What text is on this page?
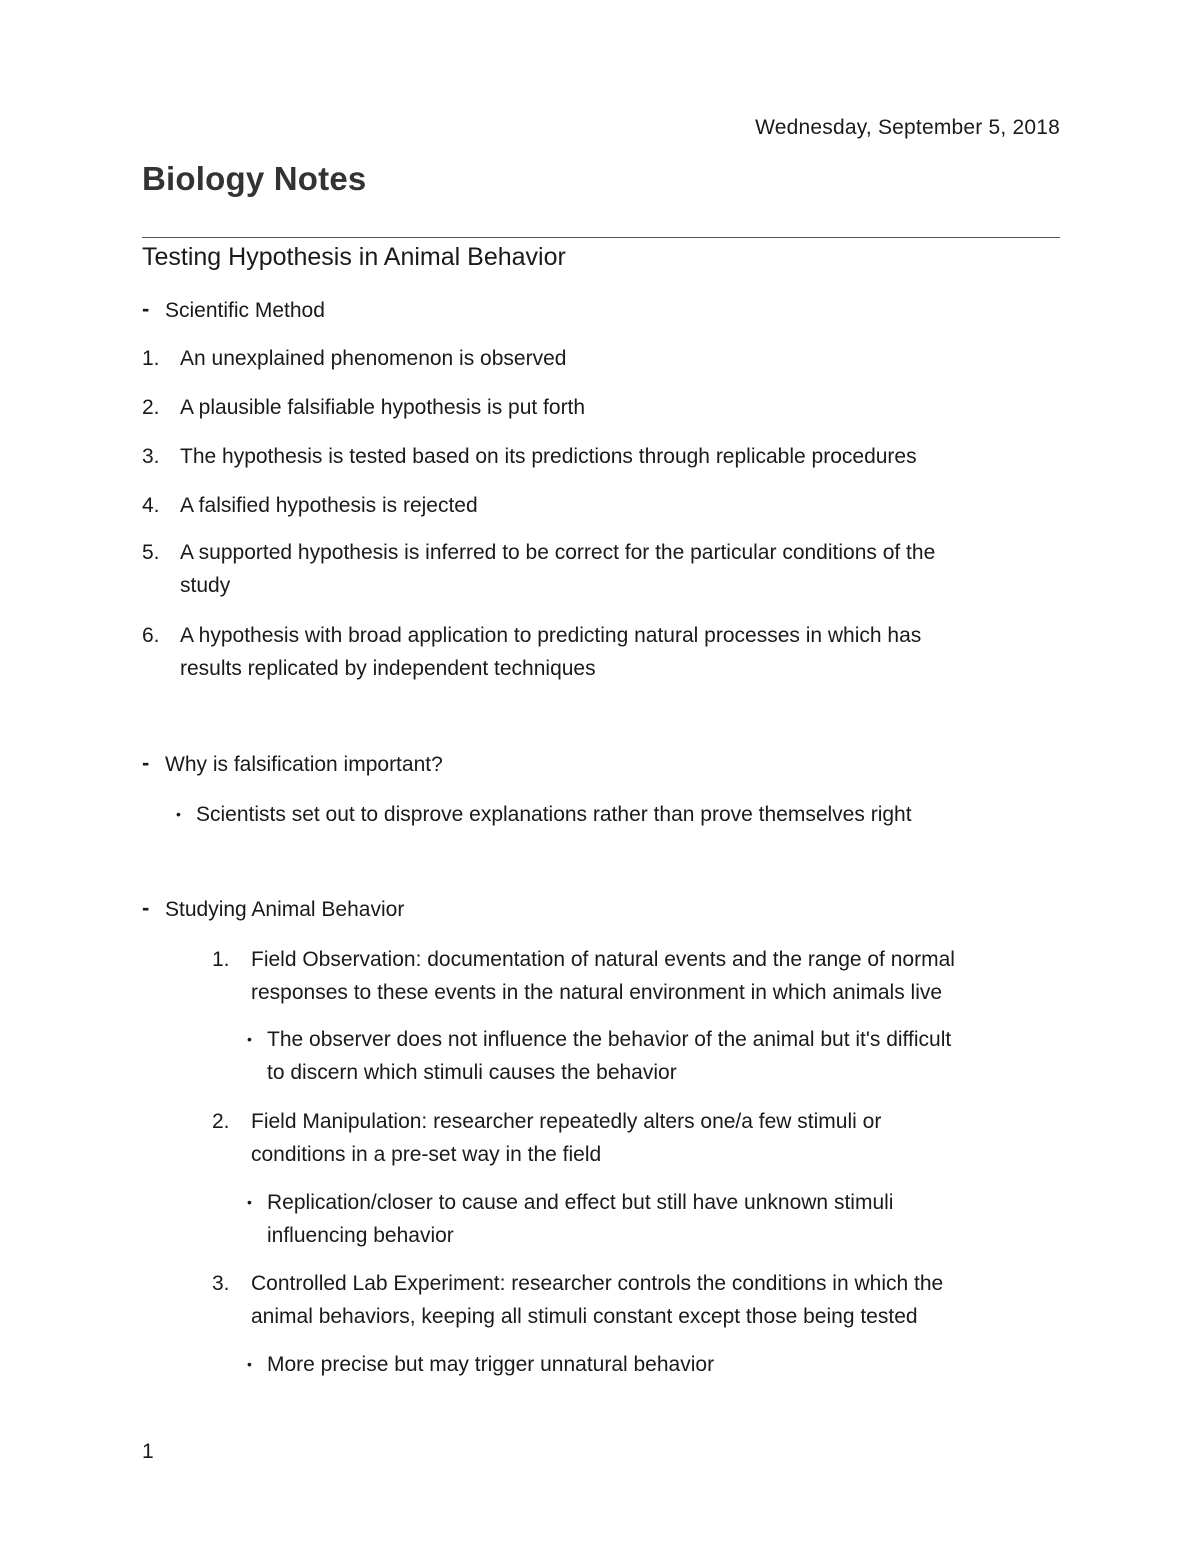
Wednesday, September 5, 2018
Biology Notes
Testing Hypothesis in Animal Behavior
- Scientific Method
1. An unexplained phenomenon is observed
2. A plausible falsifiable hypothesis is put forth
3. The hypothesis is tested based on its predictions through replicable procedures
4. A falsified hypothesis is rejected
5. A supported hypothesis is inferred to be correct for the particular conditions of the
study
6. A hypothesis with broad application to predicting natural processes in which has
results replicated by independent techniques
- Why is falsification important?
• Scientists set out to disprove explanations rather than prove themselves right
- Studying Animal Behavior
1. Field Observation: documentation of natural events and the range of normal
responses to these events in the natural environment in which animals live
• The observer does not influence the behavior of the animal but it's difficult
to discern which stimuli causes the behavior
2. Field Manipulation: researcher repeatedly alters one/a few stimuli or
conditions in a pre-set way in the field
• Replication/closer to cause and effect but still have unknown stimuli
influencing behavior
3. Controlled Lab Experiment: researcher controls the conditions in which the
animal behaviors, keeping all stimuli constant except those being tested
• More precise but may trigger unnatural behavior
1
